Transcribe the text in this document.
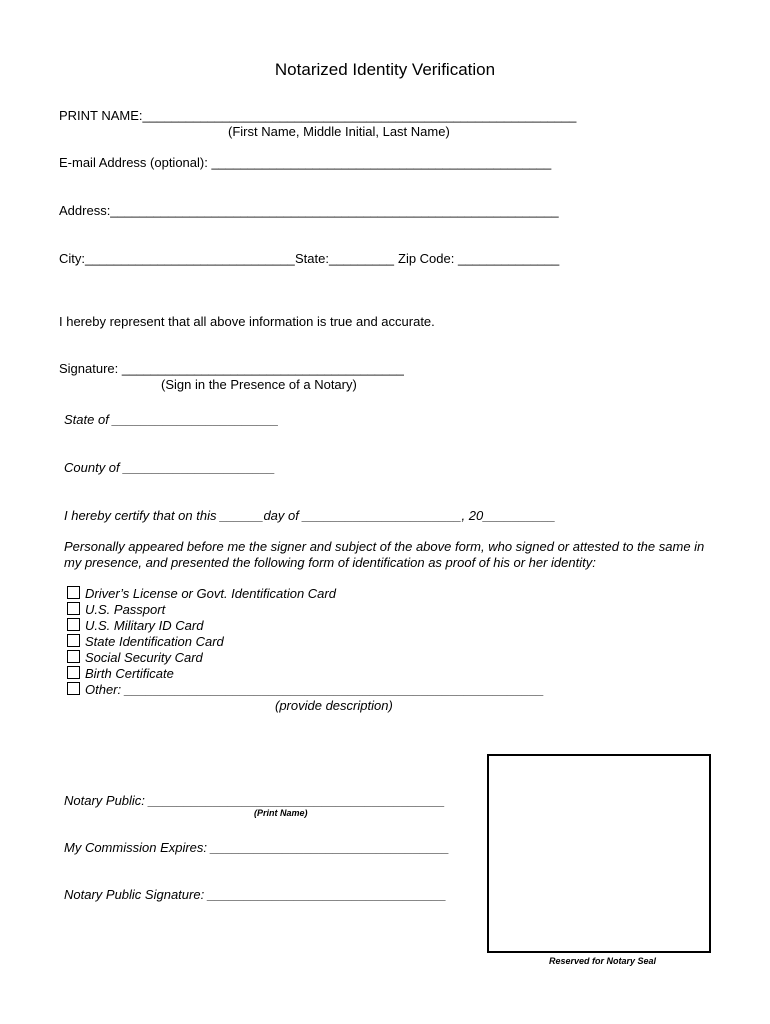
Notarized Identity Verification
PRINT NAME:____________________________________________________________
(First Name, Middle Initial, Last Name)
E-mail Address (optional): _______________________________________________
Address:______________________________________________________________
City:_____________________________ State:_________ Zip Code: ______________
I hereby represent that all above information is true and accurate.
Signature: _______________________________________
(Sign in the Presence of a Notary)
State of _______________________
County of _____________________
I hereby certify that on this ______day of ______________________, 20__________
Personally appeared before me the signer and subject of the above form, who signed or attested to the same in
my presence, and presented the following form of identification as proof of his or her identity:
Driver’s License or Govt. Identification Card
U.S. Passport
U.S. Military ID Card
State Identification Card
Social Security Card
Birth Certificate
Other: __________________________________________________________
(provide description)
Notary Public: _________________________________________
(Print Name)
My Commission Expires: _________________________________
Notary Public Signature: _________________________________
Reserved for Notary Seal
